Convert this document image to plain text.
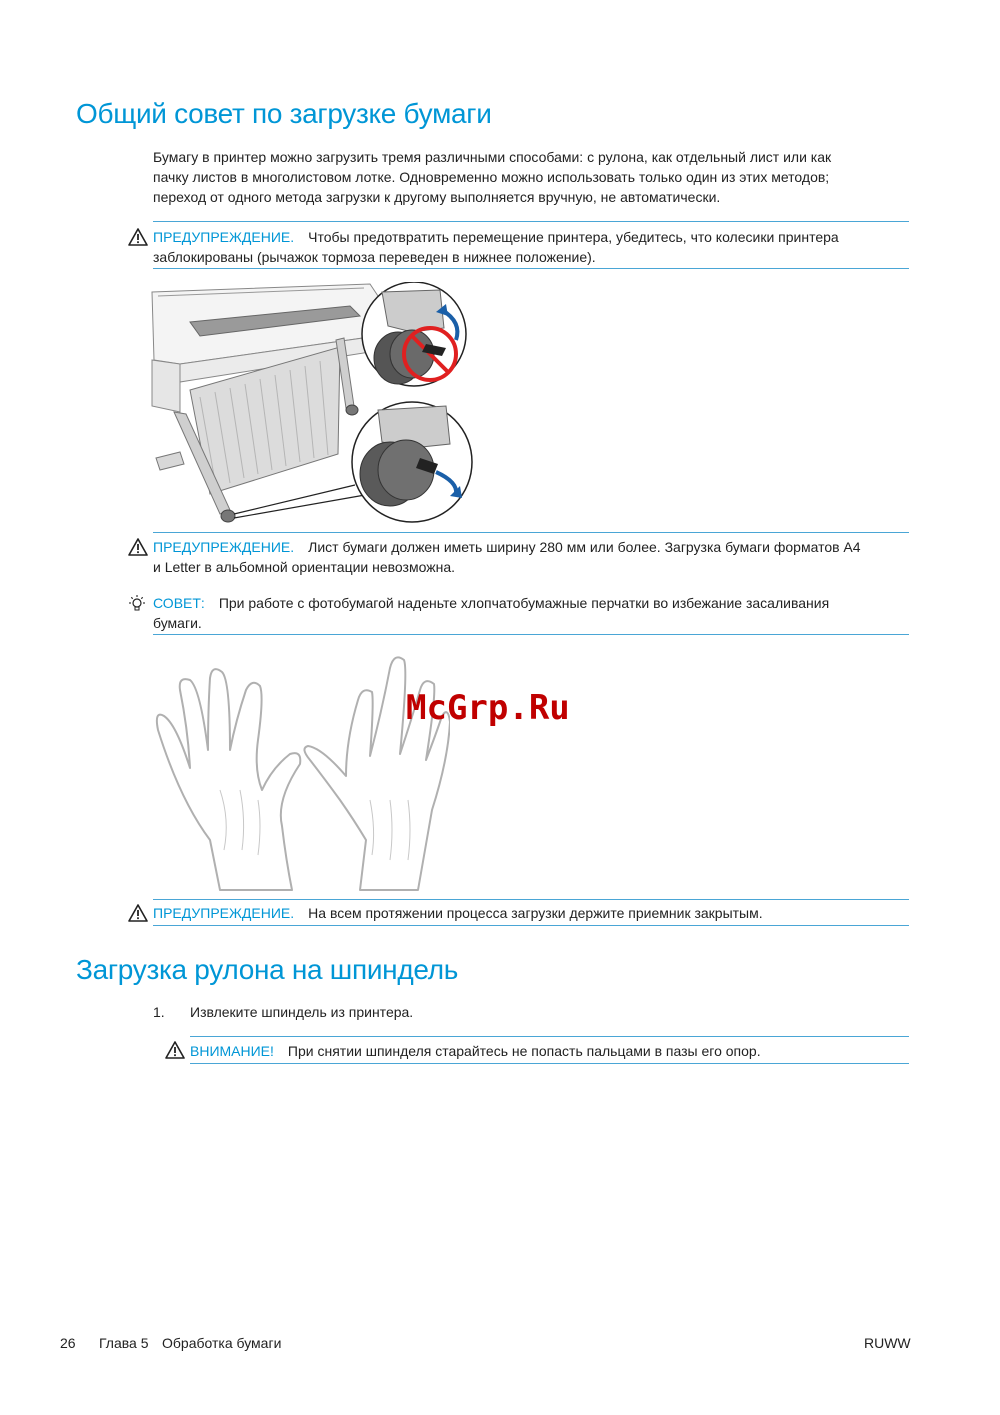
Общий совет по загрузке бумаги
Бумагу в принтер можно загрузить тремя различными способами: с рулона, как отдельный лист или как
пачку листов в многолистовом лотке. Одновременно можно использовать только один из этих методов;
переход от одного метода загрузки к другому выполняется вручную, не автоматически.
ПРЕДУПРЕЖДЕНИЕ. Чтобы предотвратить перемещение принтера, убедитесь, что колесики принтера
заблокированы (рычажок тормоза переведен в нижнее положение).
ПРЕДУПРЕЖДЕНИЕ. Лист бумаги должен иметь ширину 280 мм или более. Загрузка бумаги форматов А4
и Letter в альбомной ориентации невозможна.
СОВЕТ: При работе с фотобумагой наденьте хлопчатобумажные перчатки во избежание засаливания
бумаги.
McGrp.Ru
ПРЕДУПРЕЖДЕНИЕ. На всем протяжении процесса загрузки держите приемник закрытым.
Загрузка рулона на шпиндель
1. Извлеките шпиндель из принтера.
ВНИМАНИЕ! При снятии шпинделя старайтесь не попасть пальцами в пазы его опор.
26 Глава 5 Обработка бумаги	RUWW
